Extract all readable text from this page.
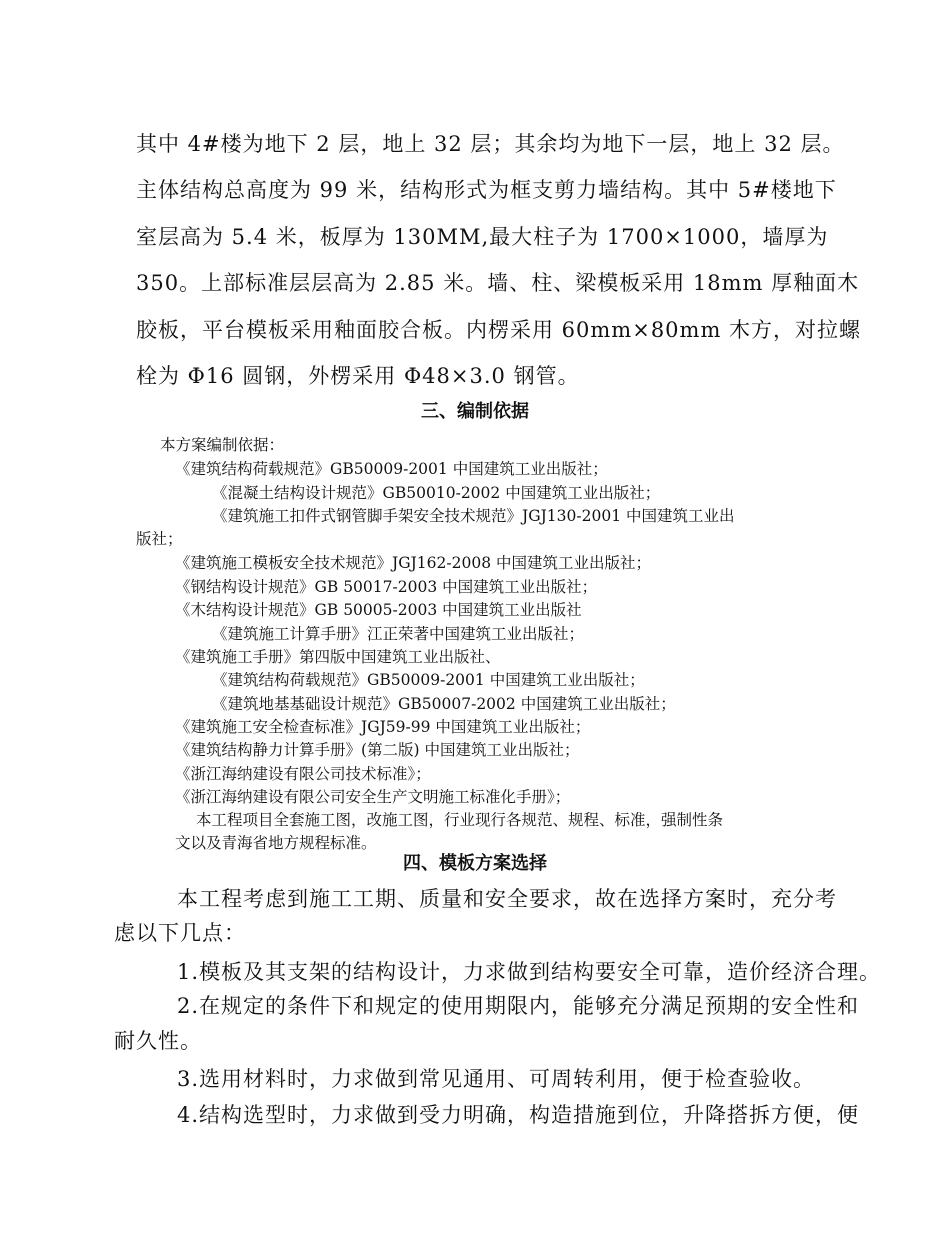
其中 4#楼为地下 2 层，地上 32 层；其余均为地下一层，地上 32 层。

主体结构总高度为 99 米，结构形式为框支剪力墙结构。其中 5#楼地下

室层高为 5.4 米，板厚为 130MM,最大柱子为 1700×1000，墙厚为

350。上部标准层层高为 2.85 米。墙、柱、梁模板采用 18mm 厚釉面木

胶板，平台模板采用釉面胶合板。内楞采用 60mm×80mm 木方，对拉螺

栓为 Φ16 圆钢，外楞采用 Φ48×3.0 钢管。

三、编制依据

本方案编制依据：

《建筑结构荷载规范》GB50009-2001 中国建筑工业出版社；

《混凝土结构设计规范》GB50010-2002 中国建筑工业出版社；

《建筑施工扣件式钢管脚手架安全技术规范》JGJ130-2001 中国建筑工业出

版社；

《建筑施工模板安全技术规范》JGJ162-2008 中国建筑工业出版社；

《钢结构设计规范》GB 50017-2003 中国建筑工业出版社；

《木结构设计规范》GB 50005-2003 中国建筑工业出版社

《建筑施工计算手册》江正荣著中国建筑工业出版社；

《建筑施工手册》第四版中国建筑工业出版社、

《建筑结构荷载规范》GB50009-2001 中国建筑工业出版社；

《建筑地基基础设计规范》GB50007-2002 中国建筑工业出版社；

《建筑施工安全检查标准》JGJ59-99 中国建筑工业出版社；

《建筑结构静力计算手册》(第二版) 中国建筑工业出版社；

《浙江海纳建设有限公司技术标准》；

《浙江海纳建设有限公司安全生产文明施工标准化手册》；

本工程项目全套施工图，改施工图，行业现行各规范、规程、标准，强制性条

文以及青海省地方规程标准。

四、模板方案选择

本工程考虑到施工工期、质量和安全要求，故在选择方案时，充分考

虑以下几点：

1.模板及其支架的结构设计，力求做到结构要安全可靠，造价经济合理。

2.在规定的条件下和规定的使用期限内，能够充分满足预期的安全性和

耐久性。

3.选用材料时，力求做到常见通用、可周转利用，便于检查验收。

4.结构选型时，力求做到受力明确，构造措施到位，升降搭拆方便，便
